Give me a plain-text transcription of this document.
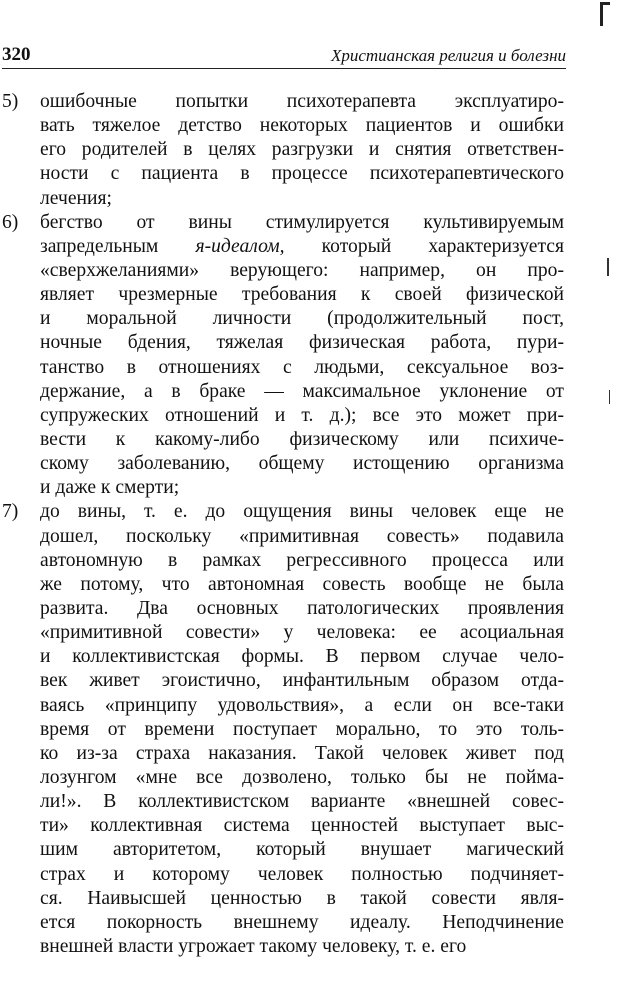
320	Христианская религия и болезни
5) ошибочные попытки психотерапевта эксплуатиро-
вать тяжелое детство некоторых пациентов и ошибки
его родителей в целях разгрузки и снятия ответствен-
ности с пациента в процессе психотерапевтического
лечения;
6) бегство от вины стимулируется культивируемым
запредельным я-идеалом, который характеризуется
«сверхжеланиями» верующего: например, он про-
являет чрезмерные требования к своей физической
и моральной личности (продолжительный пост,
ночные бдения, тяжелая физическая работа, пури-
танство в отношениях с людьми, сексуальное воз-
держание, а в браке — максимальное уклонение от
супружеских отношений и т. д.); все это может при-
вести к какому-либо физическому или психиче-
скому заболеванию, общему истощению организма
и даже к смерти;
7) до вины, т. е. до ощущения вины человек еще не
дошел, поскольку «примитивная совесть» подавила
автономную в рамках регрессивного процесса или
же потому, что автономная совесть вообще не была
развита. Два основных патологических проявления
«примитивной совести» у человека: ее асоциальная
и коллективистская формы. В первом случае чело-
век живет эгоистично, инфантильным образом отда-
ваясь «принципу удовольствия», а если он все-таки
время от времени поступает морально, то это толь-
ко из-за страха наказания. Такой человек живет под
лозунгом «мне все дозволено, только бы не поймa-
ли!». В коллективистском варианте «внешней совес-
ти» коллективная система ценностей выступает выс-
шим авторитетом, который внушает магический
страх и которому человек полностью подчиняет-
ся. Наивысшей ценностью в такой совести явля-
ется покорность внешнему идеалу. Неподчинение
внешней власти угрожает такому человеку, т. е. его
